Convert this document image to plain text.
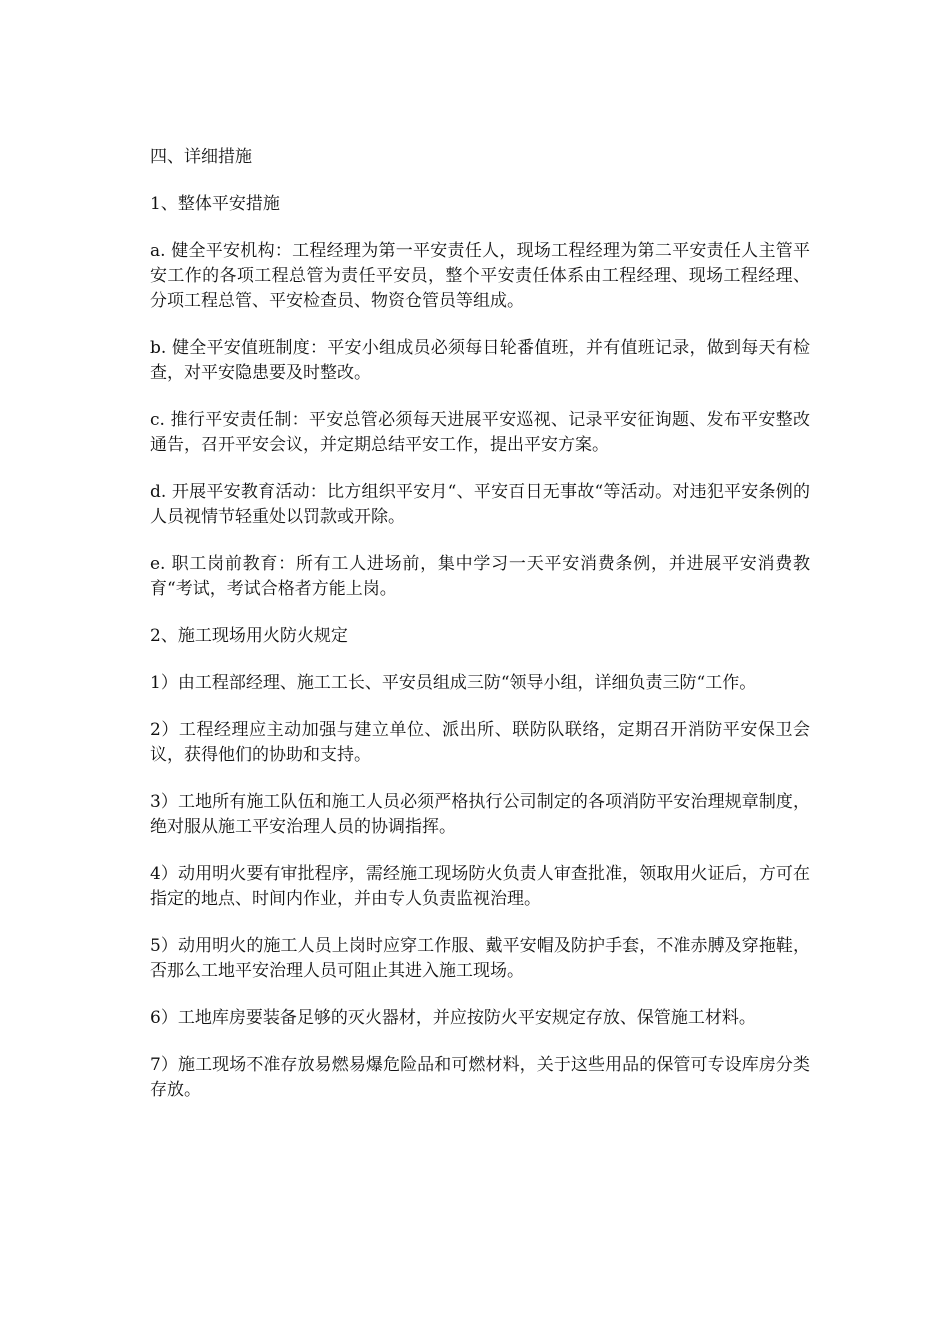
四、详细措施

1、整体平安措施

a. 健全平安机构：工程经理为第一平安责任人，现场工程经理为第二平安责任人主管平安工作的各项工程总管为责任平安员，整个平安责任体系由工程经理、现场工程经理、分项工程总管、平安检查员、物资仓管员等组成。

b. 健全平安值班制度：平安小组成员必须每日轮番值班，并有值班记录，做到每天有检查，对平安隐患要及时整改。

c. 推行平安责任制：平安总管必须每天进展平安巡视、记录平安征询题、发布平安整改通告，召开平安会议，并定期总结平安工作，提出平安方案。

d. 开展平安教育活动：比方组织平安月“、平安百日无事故“等活动。对违犯平安条例的人员视情节轻重处以罚款或开除。

e. 职工岗前教育：所有工人进场前，集中学习一天平安消费条例，并进展平安消费教育“考试，考试合格者方能上岗。

2、施工现场用火防火规定

1）由工程部经理、施工工长、平安员组成三防“领导小组，详细负责三防“工作。

2）工程经理应主动加强与建立单位、派出所、联防队联络，定期召开消防平安保卫会议，获得他们的协助和支持。

3）工地所有施工队伍和施工人员必须严格执行公司制定的各项消防平安治理规章制度，绝对服从施工平安治理人员的协调指挥。

4）动用明火要有审批程序，需经施工现场防火负责人审查批准，领取用火证后，方可在指定的地点、时间内作业，并由专人负责监视治理。

5）动用明火的施工人员上岗时应穿工作服、戴平安帽及防护手套，不准赤膊及穿拖鞋，否那么工地平安治理人员可阻止其进入施工现场。

6）工地库房要装备足够的灭火器材，并应按防火平安规定存放、保管施工材料。

7）施工现场不准存放易燃易爆危险品和可燃材料，关于这些用品的保管可专设库房分类存放。
